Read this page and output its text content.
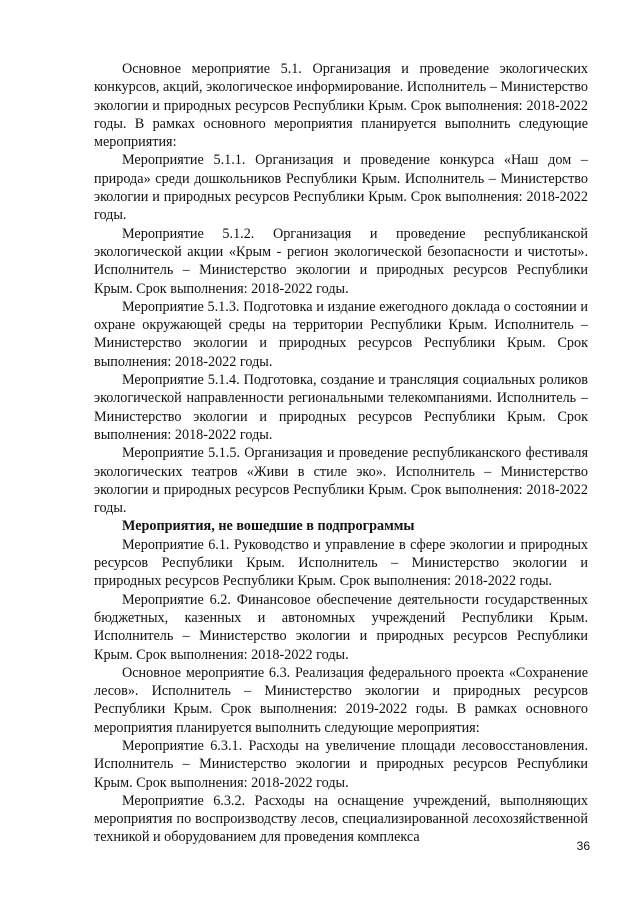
Основное мероприятие 5.1. Организация и проведение экологических конкурсов, акций, экологическое информирование. Исполнитель – Министерство экологии и природных ресурсов Республики Крым. Срок выполнения: 2018-2022 годы. В рамках основного мероприятия планируется выполнить следующие мероприятия:

Мероприятие 5.1.1. Организация и проведение конкурса «Наш дом – природа» среди дошкольников Республики Крым. Исполнитель – Министерство экологии и природных ресурсов Республики Крым. Срок выполнения: 2018-2022 годы.

Мероприятие 5.1.2. Организация и проведение республиканской экологической акции «Крым - регион экологической безопасности и чистоты». Исполнитель – Министерство экологии и природных ресурсов Республики Крым. Срок выполнения: 2018-2022 годы.

Мероприятие 5.1.3. Подготовка и издание ежегодного доклада о состоянии и охране окружающей среды на территории Республики Крым. Исполнитель – Министерство экологии и природных ресурсов Республики Крым. Срок выполнения: 2018-2022 годы.

Мероприятие 5.1.4. Подготовка, создание и трансляция социальных роликов экологической направленности региональными телекомпаниями. Исполнитель – Министерство экологии и природных ресурсов Республики Крым. Срок выполнения: 2018-2022 годы.

Мероприятие 5.1.5. Организация и проведение республиканского фестиваля экологических театров «Живи в стиле эко». Исполнитель – Министерство экологии и природных ресурсов Республики Крым. Срок выполнения: 2018-2022 годы.

Мероприятия, не вошедшие в подпрограммы

Мероприятие 6.1. Руководство и управление в сфере экологии и природных ресурсов Республики Крым. Исполнитель – Министерство экологии и природных ресурсов Республики Крым. Срок выполнения: 2018-2022 годы.

Мероприятие 6.2. Финансовое обеспечение деятельности государственных бюджетных, казенных и автономных учреждений Республики Крым. Исполнитель – Министерство экологии и природных ресурсов Республики Крым. Срок выполнения: 2018-2022 годы.

Основное мероприятие 6.3. Реализация федерального проекта «Сохранение лесов». Исполнитель – Министерство экологии и природных ресурсов Республики Крым. Срок выполнения: 2019-2022 годы. В рамках основного мероприятия планируется выполнить следующие мероприятия:

Мероприятие 6.3.1. Расходы на увеличение площади лесовосстановления. Исполнитель – Министерство экологии и природных ресурсов Республики Крым. Срок выполнения: 2018-2022 годы.

Мероприятие 6.3.2. Расходы на оснащение учреждений, выполняющих мероприятия по воспроизводству лесов, специализированной лесохозяйственной техникой и оборудованием для проведения комплекса

36
